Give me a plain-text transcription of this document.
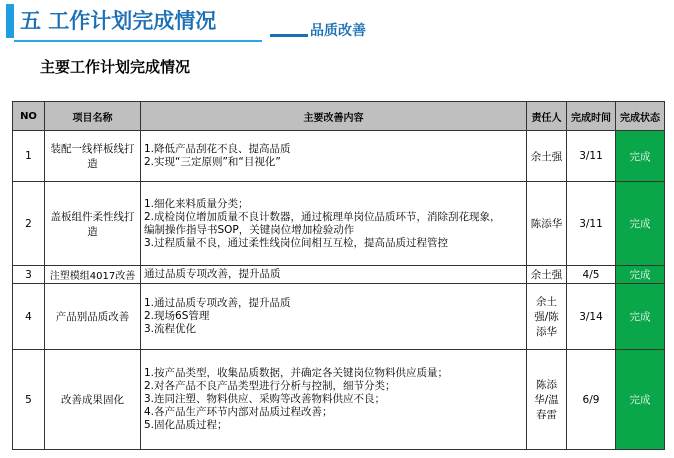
五 工作计划完成情况	品质改善
主要工作计划完成情况
NO	项目名称	主要改善内容	责任人	完成时间	完成状态
1	装配一线样板线打造	1.降低产品刮花不良、提高品质
2.实现“三定原则”和“目视化”	余土强	3/11	完成
2	盖板组件柔性线打造	1.细化来料质量分类；
2.成检岗位增加质量不良计数器，通过梳理单岗位品质环节，消除刮花现象，
编制操作指导书SOP，关键岗位增加检验动作
3.过程质量不良，通过柔性线岗位间相互互检，提高品质过程管控	陈添华	3/11	完成
3	注塑模组4017改善	通过品质专项改善，提升品质	余土强	4/5	完成
4	产品别品质改善	1.通过品质专项改善，提升品质
2.现场6S管理
3.流程优化	余土强/陈添华	3/14	完成
5	改善成果固化	1.按产品类型，收集品质数据，并确定各关键岗位物料供应质量；
2.对各产品不良产品类型进行分析与控制，细节分类；
3.连同注塑、物料供应、采购等改善物料供应不良；
4.各产品生产环节内部对品质过程改善；
5.固化品质过程；	陈添华/温春雷	6/9	完成
